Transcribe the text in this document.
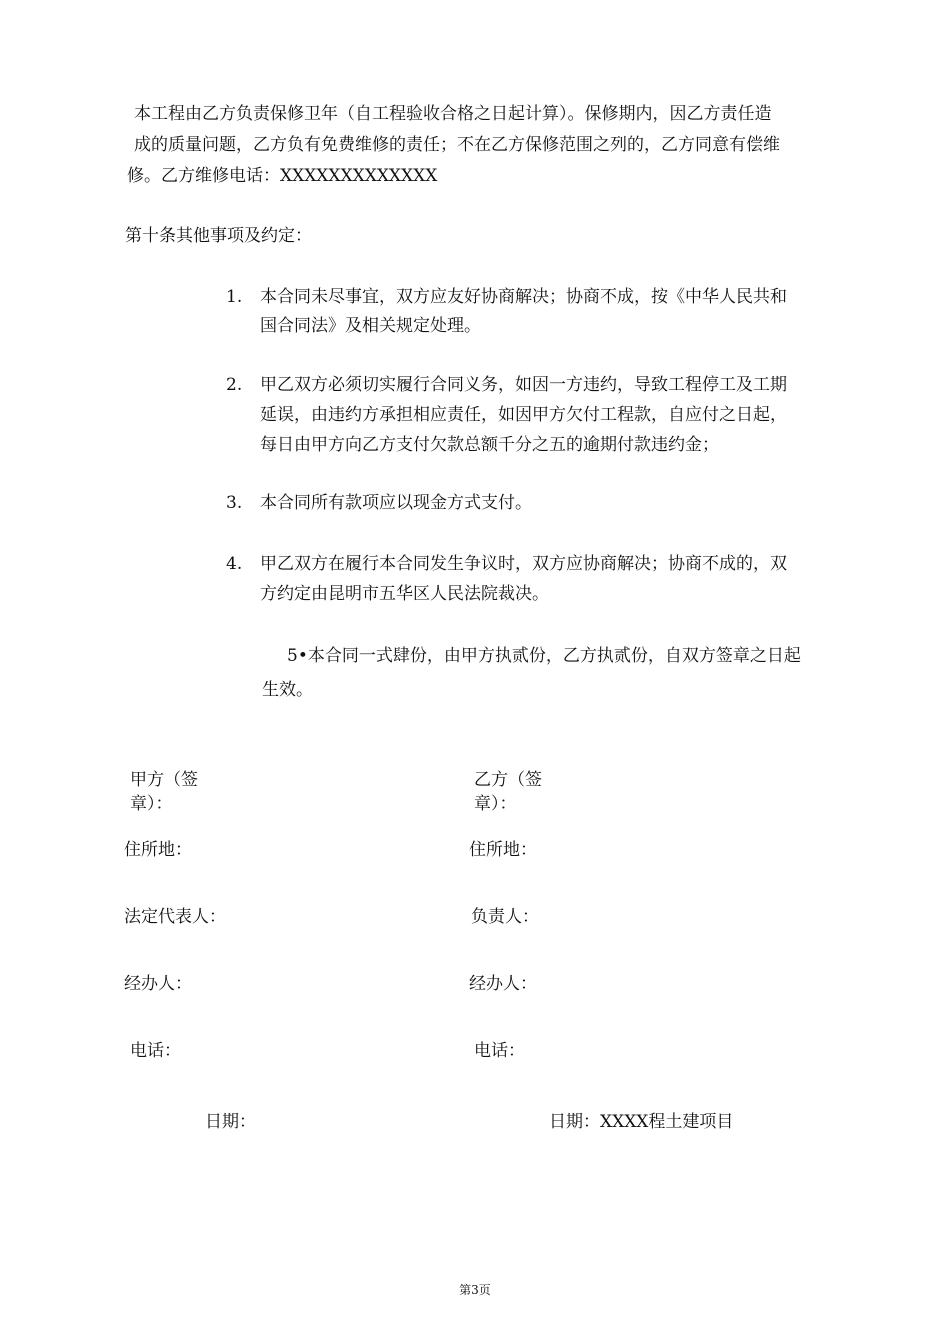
本工程由乙方负责保修卫年（自工程验收合格之日起计算）。保修期内，因乙方责任造
成的质量问题，乙方负有免费维修的责任；不在乙方保修范围之列的，乙方同意有偿维
修。乙方维修电话：XXXXXXXXXXXXX
第十条其他事项及约定：
1. 本合同未尽事宜，双方应友好协商解决；协商不成，按《中华人民共和
国合同法》及相关规定处理。
2. 甲乙双方必须切实履行合同义务，如因一方违约，导致工程停工及工期
延误，由违约方承担相应责任，如因甲方欠付工程款，自应付之日起，
每日由甲方向乙方支付欠款总额千分之五的逾期付款违约金；
3. 本合同所有款项应以现金方式支付。
4. 甲乙双方在履行本合同发生争议时，双方应协商解决；协商不成的，双
方约定由昆明市五华区人民法院裁决。
5•本合同一式肆份，由甲方执贰份，乙方执贰份，自双方签章之日起
生效。
甲方（签
章）：
住所地：
法定代表人：
经办人：
电话：
日期：
乙方（签
章）：
住所地：
负责人：
经办人：
电话：
日期：XXXX程土建项目
第3页
